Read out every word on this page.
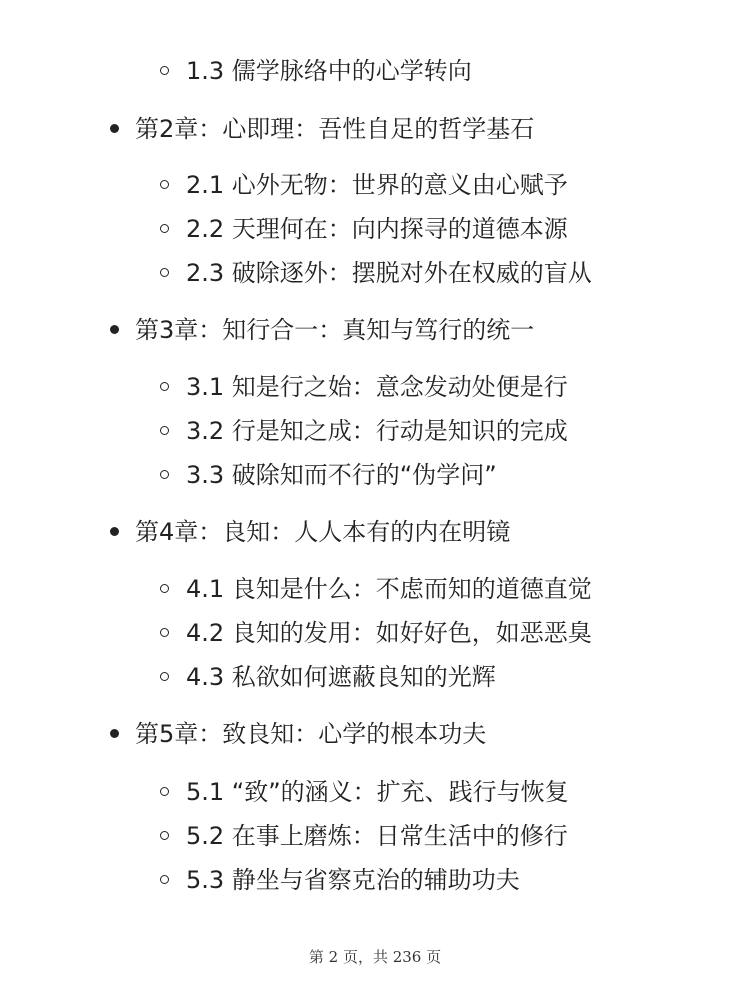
1.3 儒学脉络中的心学转向
第2章：心即理：吾性自足的哲学基石
2.1 心外无物：世界的意义由心赋予
2.2 天理何在：向内探寻的道德本源
2.3 破除逐外：摆脱对外在权威的盲从
第3章：知行合一：真知与笃行的统一
3.1 知是行之始：意念发动处便是行
3.2 行是知之成：行动是知识的完成
3.3 破除知而不行的“伪学问”
第4章：良知：人人本有的内在明镜
4.1 良知是什么：不虑而知的道德直觉
4.2 良知的发用：如好好色，如恶恶臭
4.3 私欲如何遮蔽良知的光辉
第5章：致良知：心学的根本功夫
5.1 “致”的涵义：扩充、践行与恢复
5.2 在事上磨炼：日常生活中的修行
5.3 静坐与省察克治的辅助功夫
第 2 页，共 236 页
